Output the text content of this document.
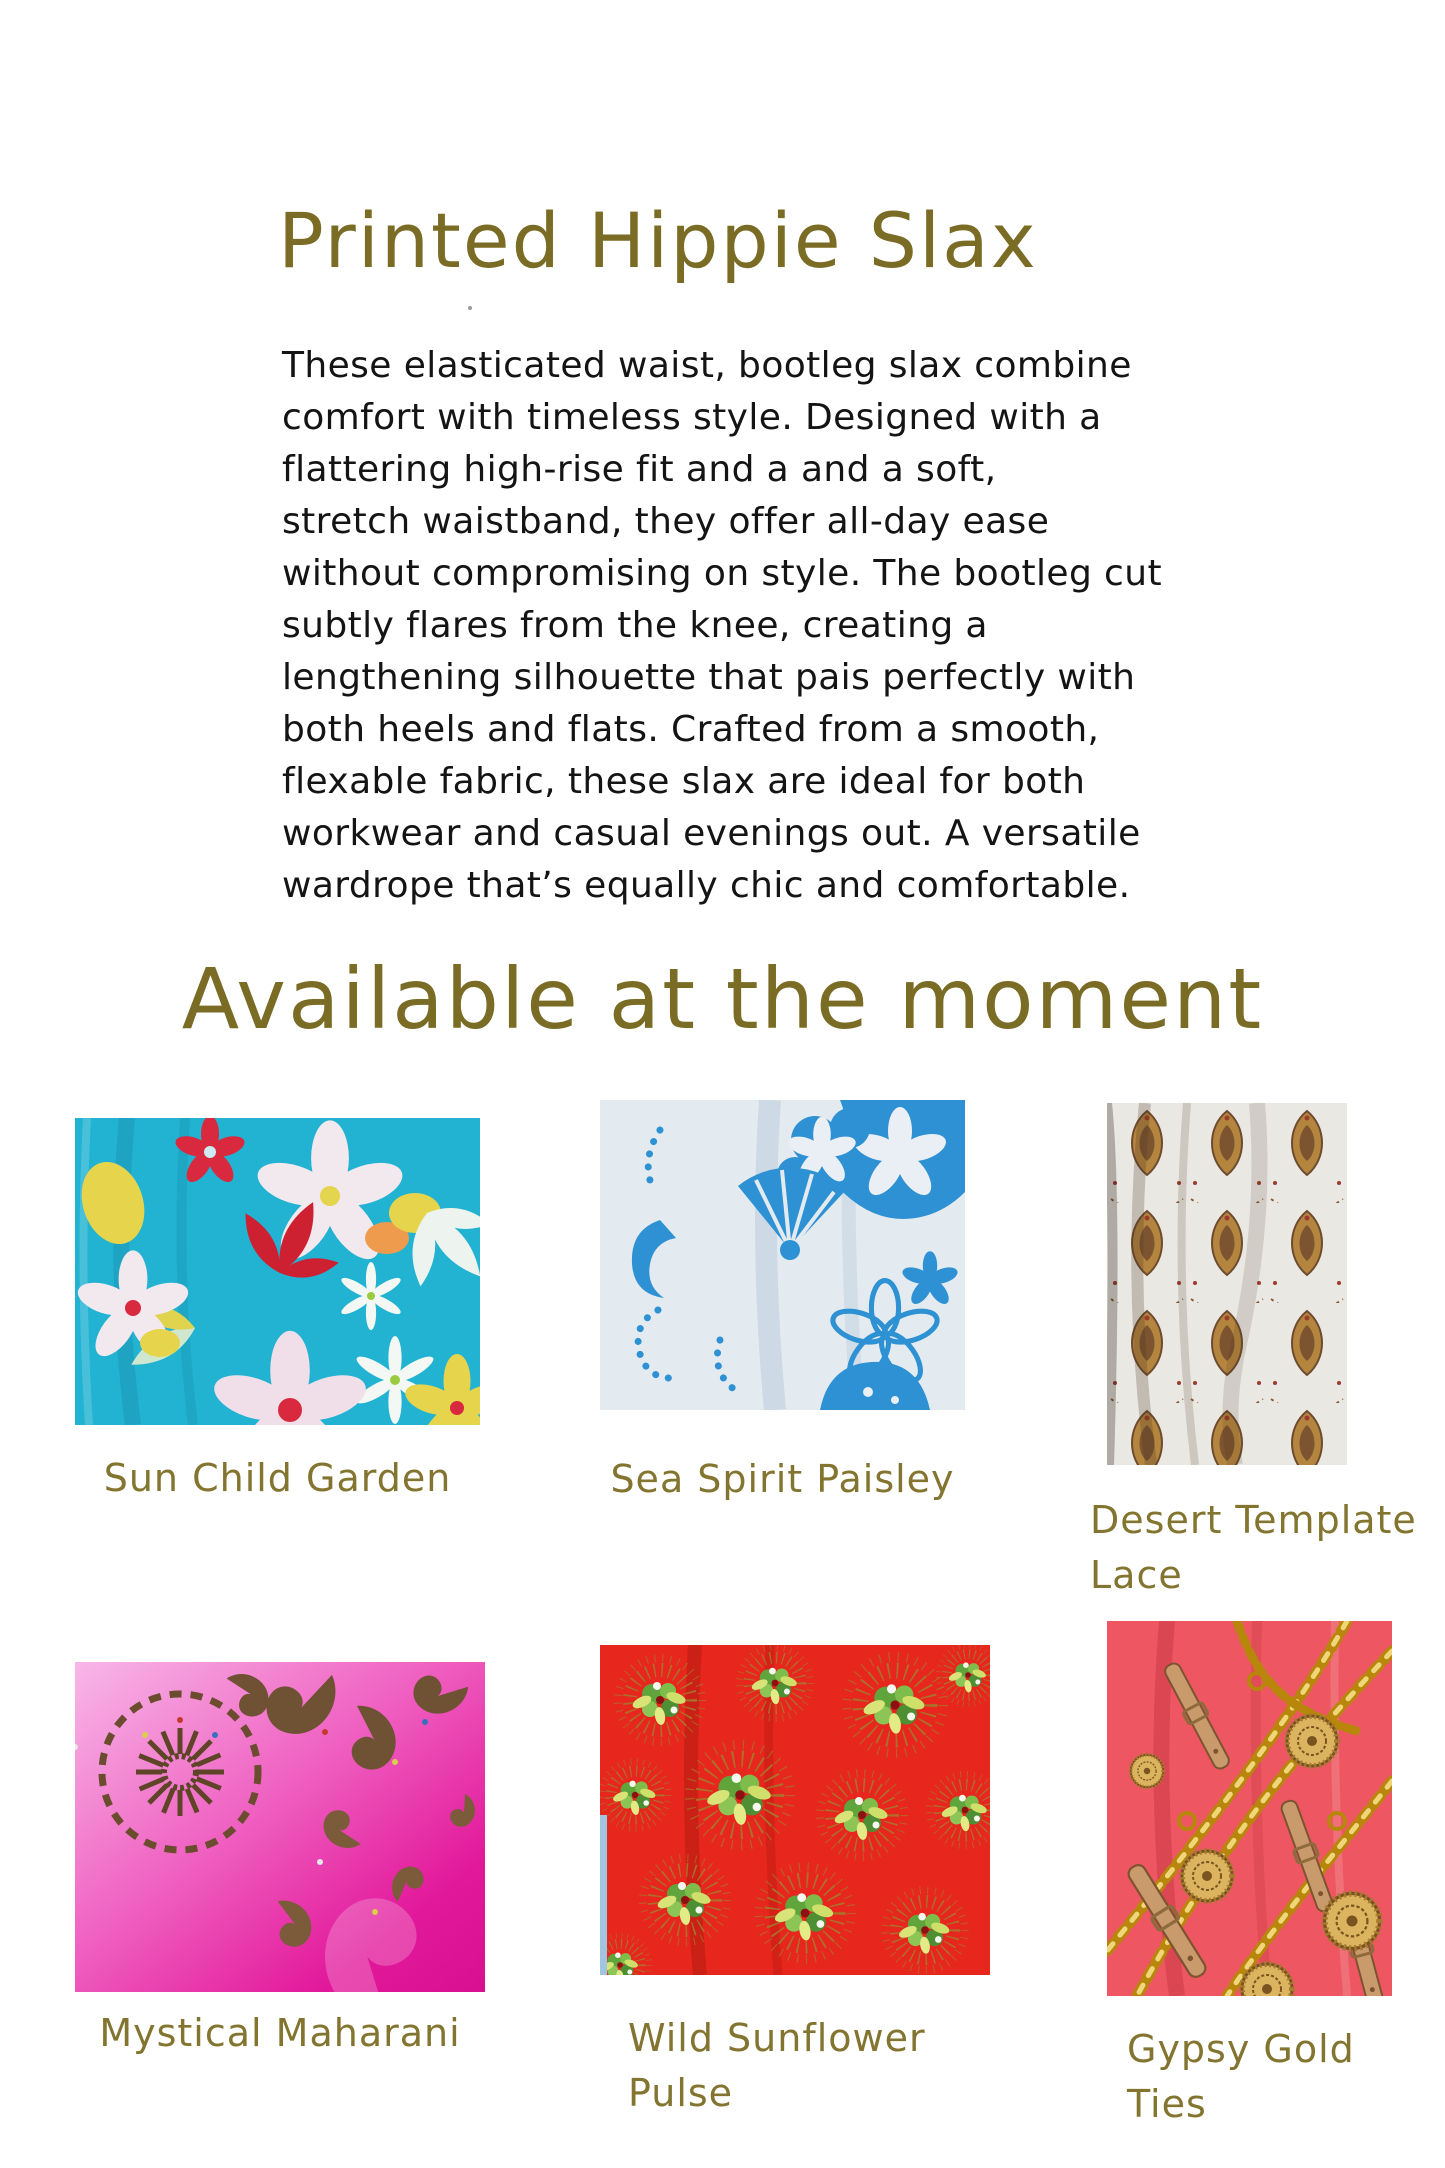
Printed Hippie Slax
These elasticated waist, bootleg slax combine
comfort with timeless style. Designed with a
flattering high-rise fit and a and a soft,
stretch waistband, they offer all-day ease
without compromising on style. The bootleg cut
subtly flares from the knee, creating a
lengthening silhouette that pais perfectly with
both heels and flats. Crafted from a smooth,
flexable fabric, these slax are ideal for both
workwear and casual evenings out. A versatile
wardrope that’s equally chic and comfortable.
Available at the moment
Sun Child Garden	Sea Spirit Paisley
Desert Template Lace
Mystical Maharani	Wild Sunflower Pulse
Gypsy Gold Ties
